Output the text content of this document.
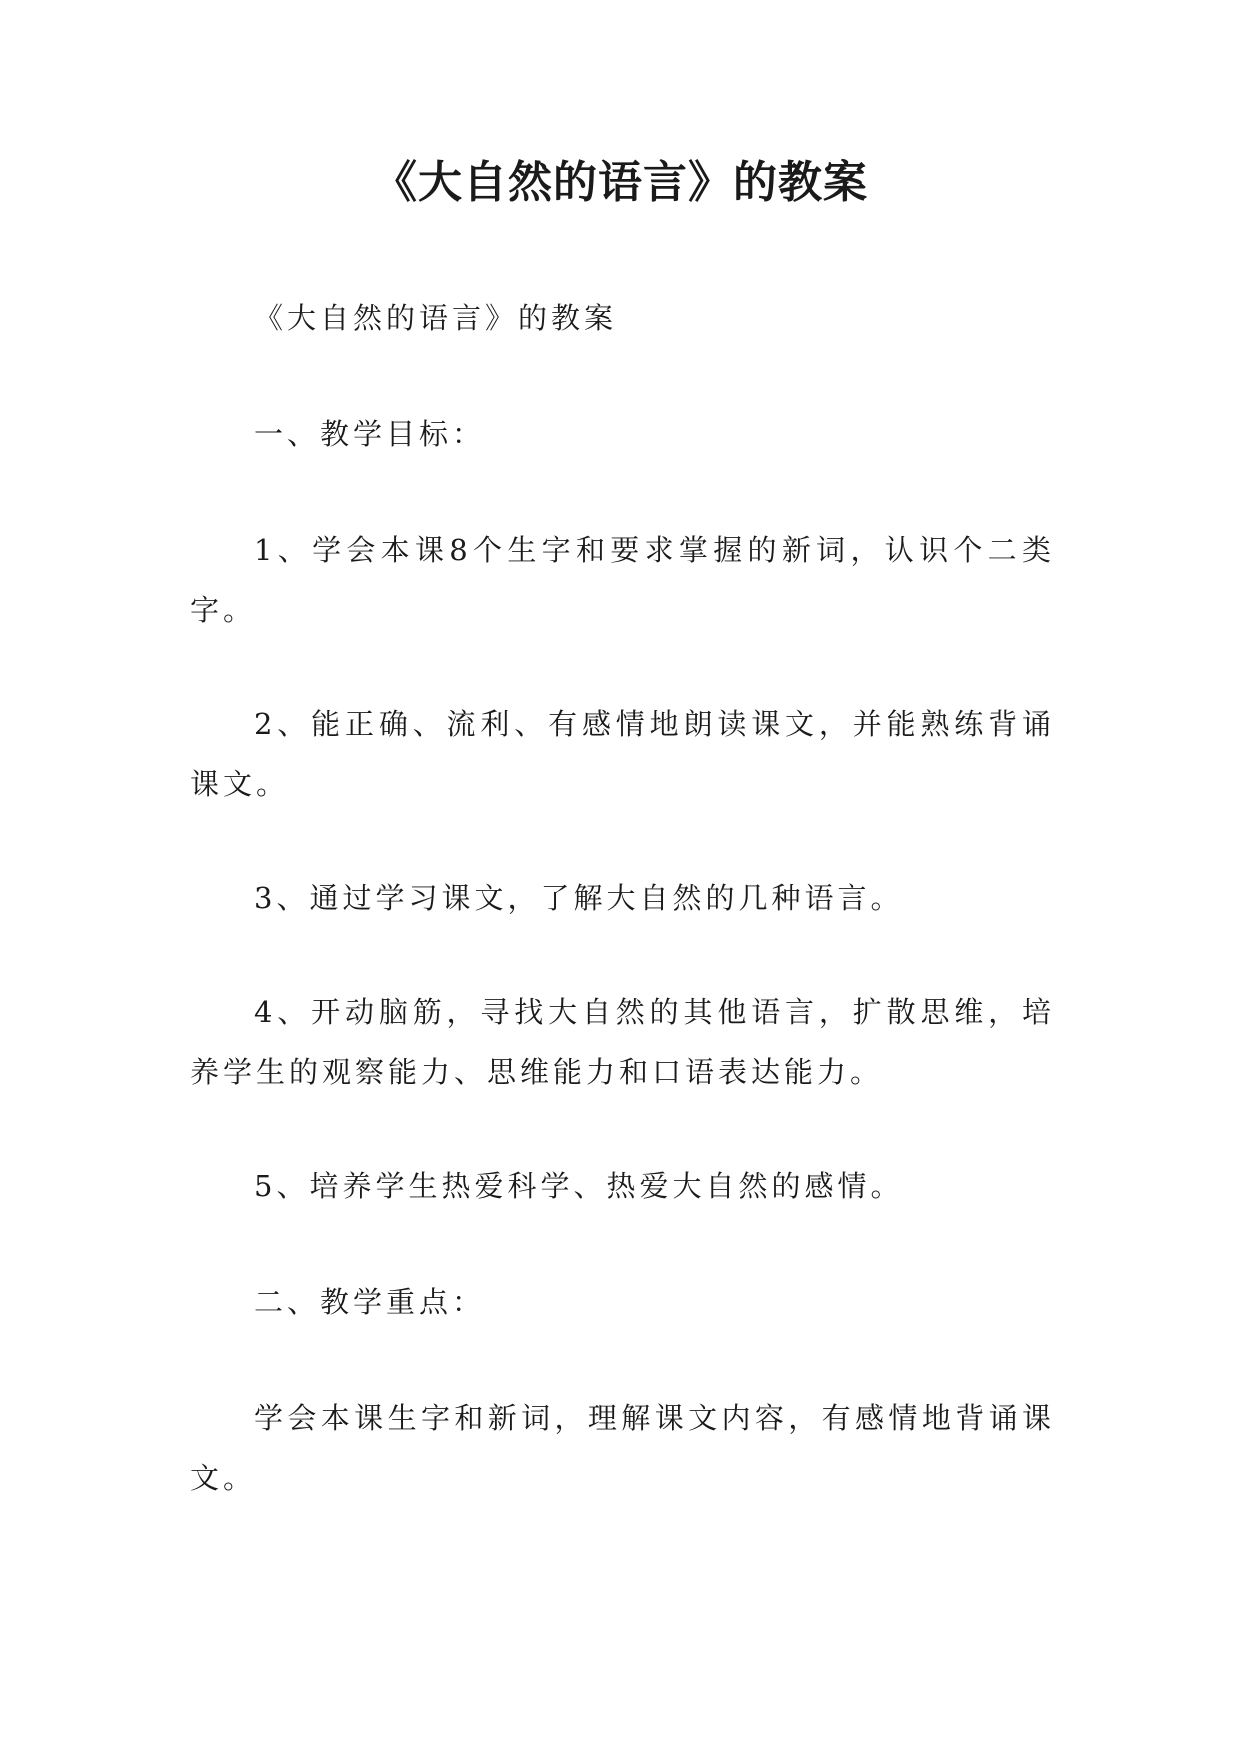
《大自然的语言》的教案

《大自然的语言》的教案

一、教学目标：

1、学会本课8个生字和要求掌握的新词，认识个二类字。

2、能正确、流利、有感情地朗读课文，并能熟练背诵课文。

3、通过学习课文，了解大自然的几种语言。

4、开动脑筋，寻找大自然的其他语言，扩散思维，培养学生的观察能力、思维能力和口语表达能力。

5、培养学生热爱科学、热爱大自然的感情。

二、教学重点：

学会本课生字和新词，理解课文内容，有感情地背诵课文。
